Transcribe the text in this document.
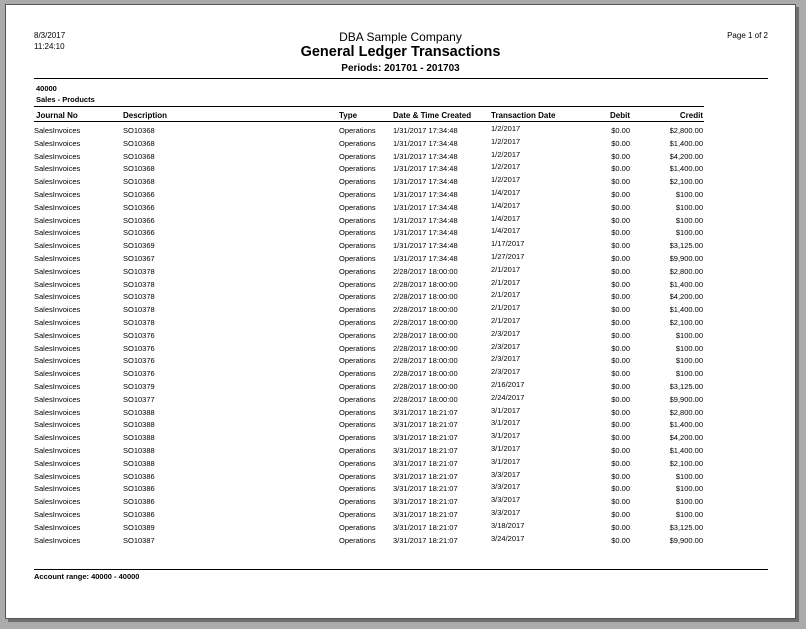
8/3/2017
11:24:10
Page 1 of 2
DBA Sample Company
General Ledger Transactions
Periods: 201701 - 201703
40000
Sales - Products
Journal No	Description	Type	Date & Time Created Transaction Date	Debit	Credit
SalesInvoices	SO10368	Operations 1/31/2017 17:34:48	1/2/2017	$0.00	$2,800.00
SalesInvoices	SO10368	Operations 1/31/2017 17:34:48	1/2/2017	$0.00	$1,400.00
SalesInvoices	SO10368	Operations 1/31/2017 17:34:48	1/2/2017	$0.00	$4,200.00
SalesInvoices	SO10368	Operations 1/31/2017 17:34:48	1/2/2017	$0.00	$1,400.00
SalesInvoices	SO10368	Operations 1/31/2017 17:34:48	1/2/2017	$0.00	$2,100.00
SalesInvoices	SO10366	Operations 1/31/2017 17:34:48	1/4/2017	$0.00	$100.00
SalesInvoices	SO10366	Operations 1/31/2017 17:34:48	1/4/2017	$0.00	$100.00
SalesInvoices	SO10366	Operations 1/31/2017 17:34:48	1/4/2017	$0.00	$100.00
SalesInvoices	SO10366	Operations 1/31/2017 17:34:48	1/4/2017	$0.00	$100.00
SalesInvoices	SO10369	Operations 1/31/2017 17:34:48	1/17/2017	$0.00	$3,125.00
SalesInvoices	SO10367	Operations 1/31/2017 17:34:48	1/27/2017	$0.00	$9,900.00
SalesInvoices	SO10378	Operations 2/28/2017 18:00:00	2/1/2017	$0.00	$2,800.00
SalesInvoices	SO10378	Operations 2/28/2017 18:00:00	2/1/2017	$0.00	$1,400.00
SalesInvoices	SO10378	Operations 2/28/2017 18:00:00	2/1/2017	$0.00	$4,200.00
SalesInvoices	SO10378	Operations 2/28/2017 18:00:00	2/1/2017	$0.00	$1,400.00
SalesInvoices	SO10378	Operations 2/28/2017 18:00:00	2/1/2017	$0.00	$2,100.00
SalesInvoices	SO10376	Operations 2/28/2017 18:00:00	2/3/2017	$0.00	$100.00
SalesInvoices	SO10376	Operations 2/28/2017 18:00:00	2/3/2017	$0.00	$100.00
SalesInvoices	SO10376	Operations 2/28/2017 18:00:00	2/3/2017	$0.00	$100.00
SalesInvoices	SO10376	Operations 2/28/2017 18:00:00	2/3/2017	$0.00	$100.00
SalesInvoices	SO10379	Operations 2/28/2017 18:00:00	2/16/2017	$0.00	$3,125.00
SalesInvoices	SO10377	Operations 2/28/2017 18:00:00	2/24/2017	$0.00	$9,900.00
SalesInvoices	SO10388	Operations 3/31/2017 18:21:07	3/1/2017	$0.00	$2,800.00
SalesInvoices	SO10388	Operations 3/31/2017 18:21:07	3/1/2017	$0.00	$1,400.00
SalesInvoices	SO10388	Operations 3/31/2017 18:21:07	3/1/2017	$0.00	$4,200.00
SalesInvoices	SO10388	Operations 3/31/2017 18:21:07	3/1/2017	$0.00	$1,400.00
SalesInvoices	SO10388	Operations 3/31/2017 18:21:07	3/1/2017	$0.00	$2,100.00
SalesInvoices	SO10386	Operations 3/31/2017 18:21:07	3/3/2017	$0.00	$100.00
SalesInvoices	SO10386	Operations 3/31/2017 18:21:07	3/3/2017	$0.00	$100.00
SalesInvoices	SO10386	Operations 3/31/2017 18:21:07	3/3/2017	$0.00	$100.00
SalesInvoices	SO10386	Operations 3/31/2017 18:21:07	3/3/2017	$0.00	$100.00
SalesInvoices	SO10389	Operations 3/31/2017 18:21:07	3/18/2017	$0.00	$3,125.00
SalesInvoices	SO10387	Operations 3/31/2017 18:21:07	3/24/2017	$0.00	$9,900.00
Account range: 40000 - 40000
